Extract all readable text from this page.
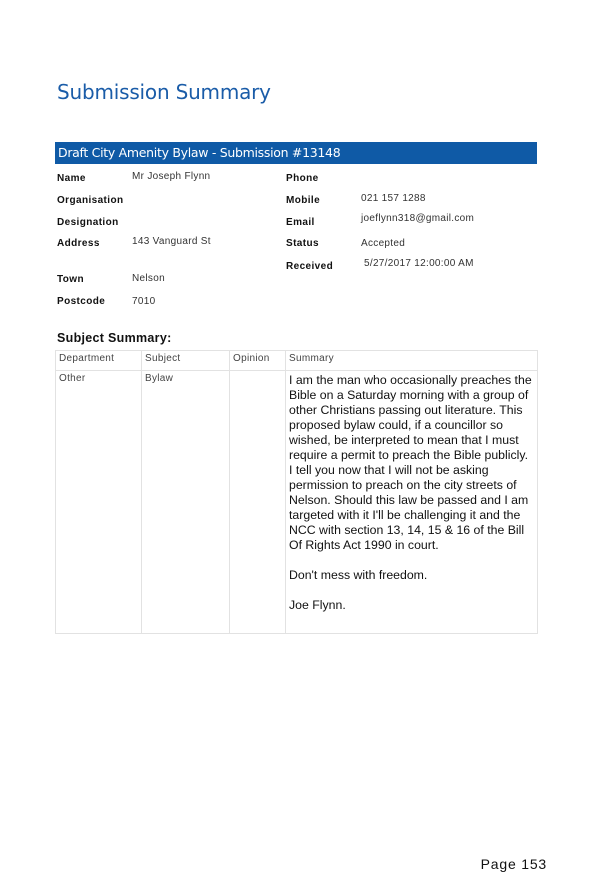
Submission Summary
Draft City Amenity Bylaw - Submission #13148
Name	Mr Joseph Flynn
Organisation
Designation
Address	143 Vanguard St
Town	Nelson
Postcode	7010
Phone
Mobile	021 157 1288
Email	joeflynn318@gmail.com
Status	Accepted
Received	5/27/2017 12:00:00 AM
Subject Summary:
Department	Subject	Opinion	Summary
Other	Bylaw		I am the man who occasionally preaches the Bible on a Saturday morning with a group of other Christians passing out literature. This proposed bylaw could, if a councillor so wished, be interpreted to mean that I must require a permit to preach the Bible publicly. I tell you now that I will not be asking permission to preach on the city streets of Nelson. Should this law be passed and I am targeted with it I'll be challenging it and the NCC with section 13, 14, 15 & 16 of the Bill Of Rights Act 1990 in court.

Don't mess with freedom.

Joe Flynn.

Page 153
